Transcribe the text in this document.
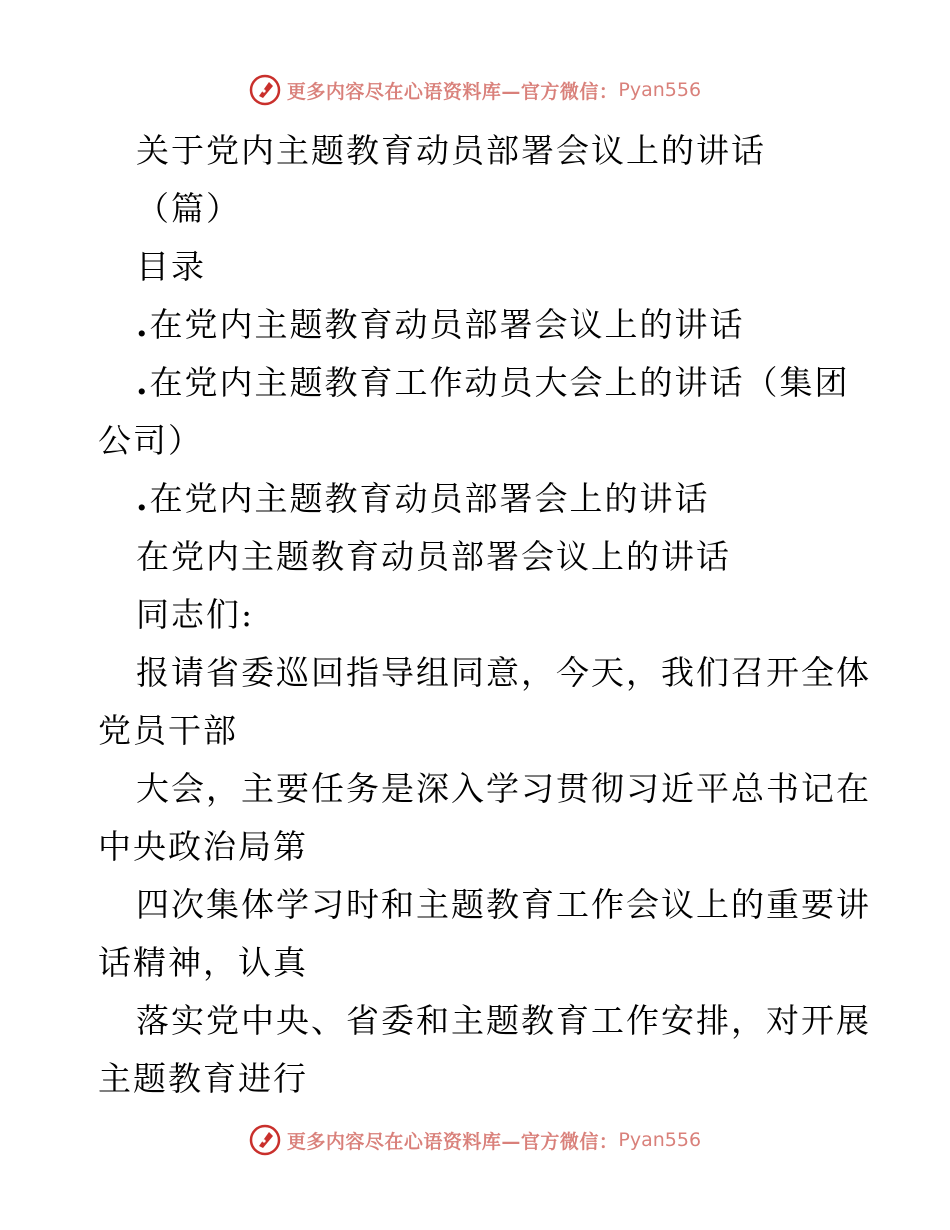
更多内容尽在心语资料库—官方微信： Pyan556
关于党内主题教育动员部署会议上的讲话
（篇）
目录
.在党内主题教育动员部署会议上的讲话
.在党内主题教育工作动员大会上的讲话（集团
公司）
.在党内主题教育动员部署会上的讲话
在党内主题教育动员部署会议上的讲话
同志们:
报请省委巡回指导组同意，今天，我们召开全体
党员干部
大会，主要任务是深入学习贯彻习近平总书记在
中央政治局第
四次集体学习时和主题教育工作会议上的重要讲
话精神，认真
落实党中央、省委和主题教育工作安排，对开展
主题教育进行
更多内容尽在心语资料库—官方微信： Pyan556
